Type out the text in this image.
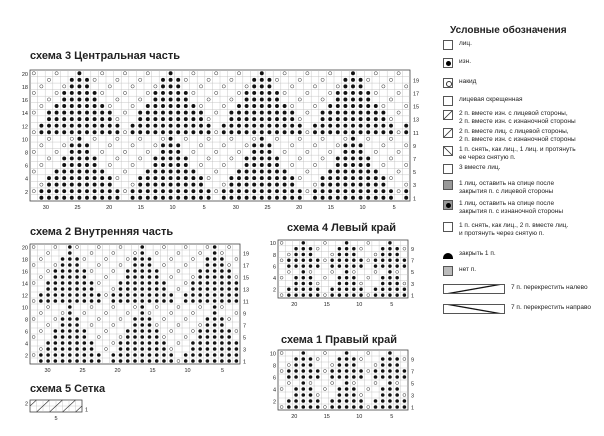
схема 3 Центральная часть
схема 2 Внутренняя часть	схема 4 Левый край
схема 1 Правый край
схема 5 Сетка
20
18
16
14
12
10
8
6
4
2
19
17
15
13
11
9
7
5
3
1
30	25	20	15	10	5	30	25	20	15	10	5
20
18
16
14
12
10
8
6
4
2
19
17
15
13
11
9
7
5
3
1
30	25	20	15	10	5
10
8
6
4
2
9
7
5
3
1
20	15	10	5
10
8
6
4
2
9
7
5
3
1
20	15	10	5
2
1
5
Условные обозначения
лиц.
изн.
накид
лицевая скрещенная
2 п. вместе изн. с лицевой стороны,
2 п. вместе изн. с изнаночной стороны
2 п. вместе лиц. с лицевой стороны,
2 п. вместе изн. с изнаночной стороны
1 п. снять, как лиц., 1 лиц. и протянуть
ее через снятую п.
3 вместе лиц.
1 лиц. оставить на спице после
закрытия п. с лицевой стороны
1 лиц. оставить на спице после
закрытия п. с изнаночной стороны
1 п. снять, как лиц., 2 п. вместе лиц.
и протянуть через снятую п.
закрыть 1 п.
нет п.
7 п. перекрестить налево
7 п. перекрестить направо
